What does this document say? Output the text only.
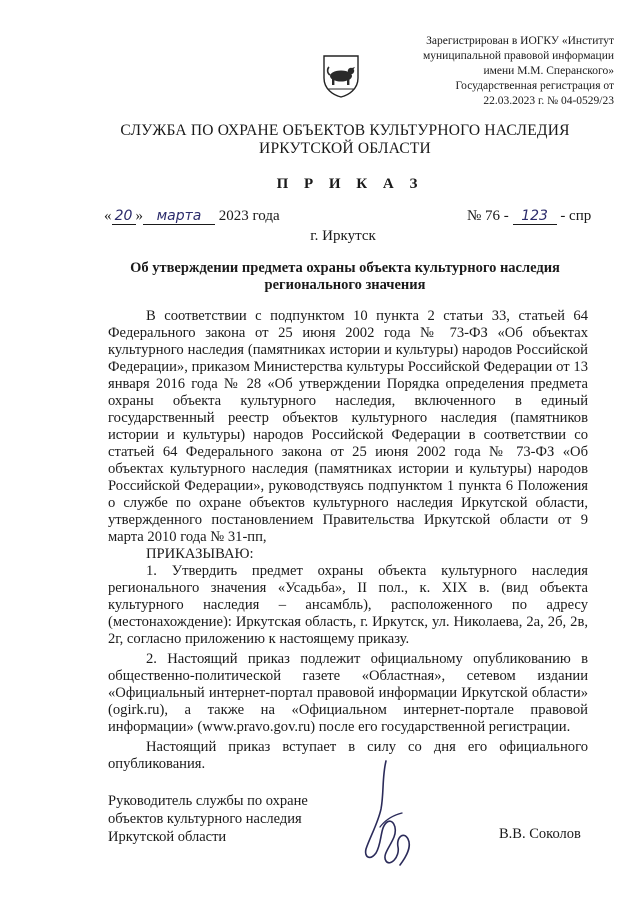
Зарегистрирован в ИОГКУ «Институт
муниципальной правовой информации
имени М.М. Сперанского»
Государственная регистрация от
22.03.2023 г. № 04-0529/23
СЛУЖБА ПО ОХРАНЕ ОБЪЕКТОВ КУЛЬТУРНОГО НАСЛЕДИЯ
ИРКУТСКОЙ ОБЛАСТИ
П Р И К А З
« 20 » марта 2023 года	№ 76 - 123 - спр
г. Иркутск
Об утверждении предмета охраны объекта культурного наследия
регионального значения

В соответствии с подпунктом 10 пункта 2 статьи 33, статьей 64 Федерального закона от 25 июня 2002 года № 73-ФЗ «Об объектах культурного наследия (памятниках истории и культуры) народов Российской Федерации», приказом Министерства культуры Российской Федерации от 13 января 2016 года № 28 «Об утверждении Порядка определения предмета охраны объекта культурного наследия, включенного в единый государственный реестр объектов культурного наследия (памятников истории и культуры) народов Российской Федерации в соответствии со статьей 64 Федерального закона от 25 июня 2002 года № 73-ФЗ «Об объектах культурного наследия (памятниках истории и культуры) народов Российской Федерации», руководствуясь подпунктом 1 пункта 6 Положения о службе по охране объектов культурного наследия Иркутской области, утвержденного постановлением Правительства Иркутской области от 9 марта 2010 года № 31-пп,

ПРИКАЗЫВАЮ:

1. Утвердить предмет охраны объекта культурного наследия регионального значения «Усадьба», II пол., к. XIX в. (вид объекта культурного наследия – ансамбль), расположенного по адресу (местонахождение): Иркутская область, г. Иркутск, ул. Николаева, 2а, 2б, 2в, 2г, согласно приложению к настоящему приказу.

2. Настоящий приказ подлежит официальному опубликованию в общественно-политической газете «Областная», сетевом издании «Официальный интернет-портал правовой информации Иркутской области» (ogirk.ru), а также на «Официальном интернет-портале правовой информации» (www.pravo.gov.ru) после его государственной регистрации.

Настоящий приказ вступает в силу со дня его официального опубликования.

Руководитель службы по охране
объектов культурного наследия
Иркутской области	В.В. Соколов
